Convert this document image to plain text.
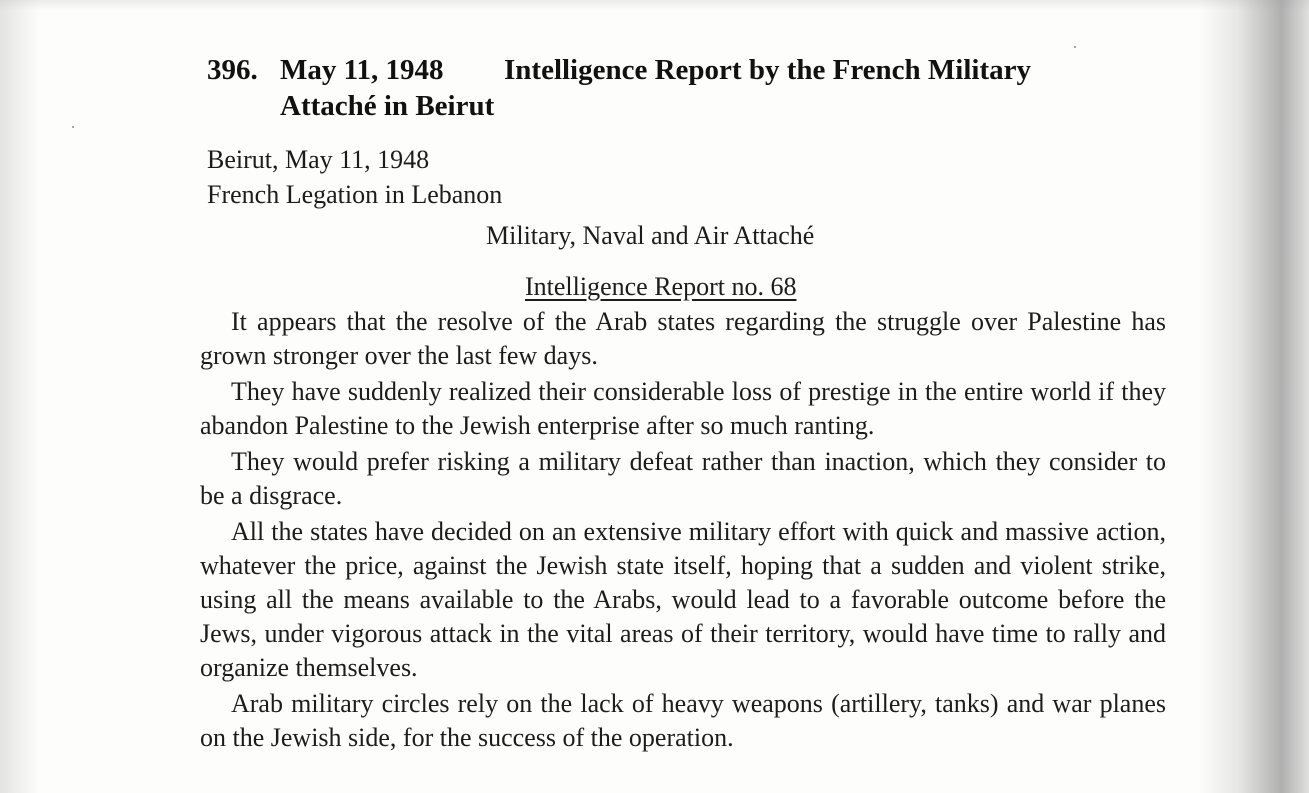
396. May 11, 1948 Intelligence Report by the French Military
Attaché in Beirut
Beirut, May 11, 1948
French Legation in Lebanon
Military, Naval and Air Attaché
Intelligence Report no. 68

It appears that the resolve of the Arab states regarding the struggle over Palestine has grown stronger over the last few days.

They have suddenly realized their considerable loss of prestige in the entire world if they abandon Palestine to the Jewish enterprise after so much ranting.

They would prefer risking a military defeat rather than inaction, which they consider to be a disgrace.

All the states have decided on an extensive military effort with quick and massive action, whatever the price, against the Jewish state itself, hoping that a sudden and violent strike, using all the means available to the Arabs, would lead to a favorable outcome before the Jews, under vigorous attack in the vital areas of their territory, would have time to rally and organize themselves.

Arab military circles rely on the lack of heavy weapons (artillery, tanks) and war planes on the Jewish side, for the success of the operation.
